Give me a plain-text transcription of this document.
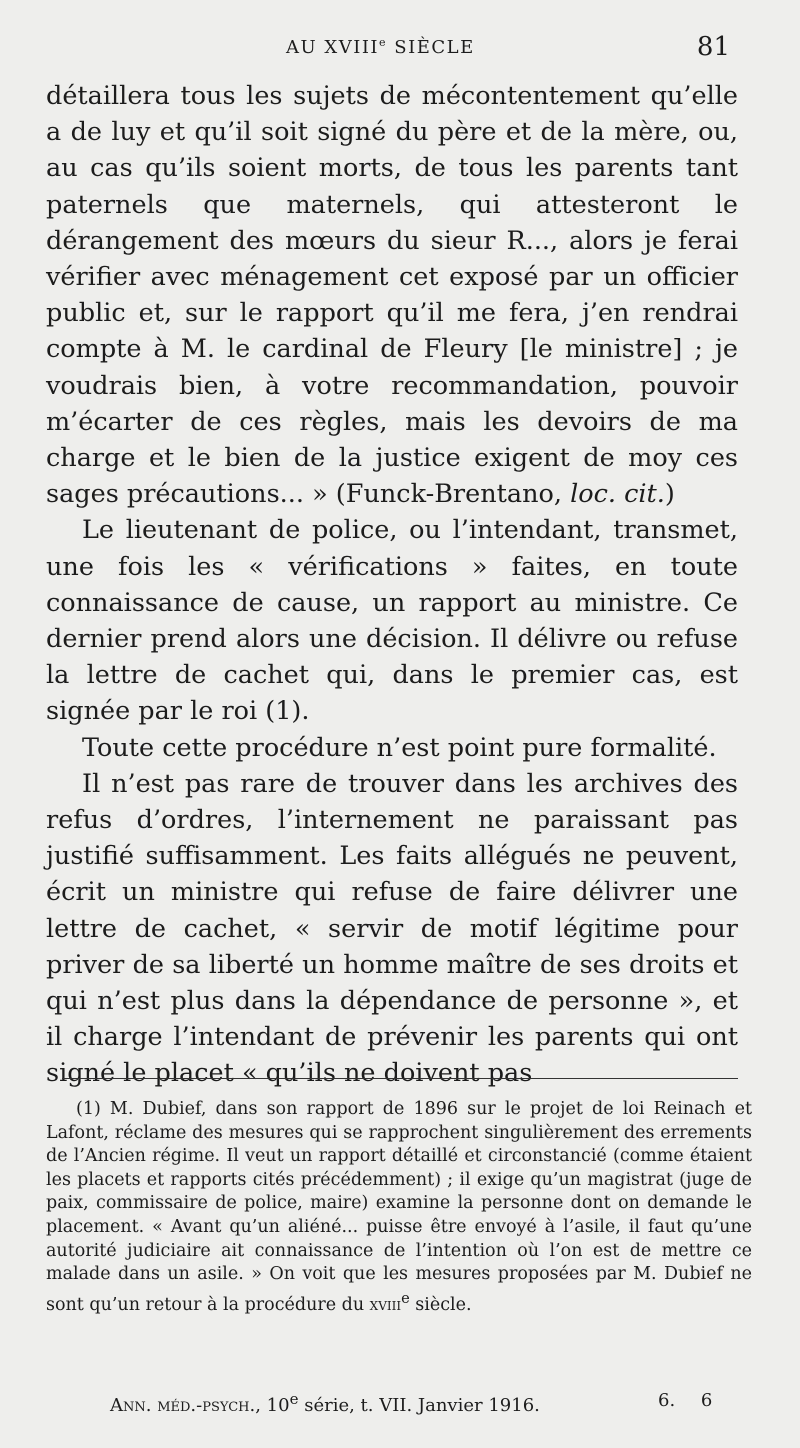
AU XVIIIe SIÈCLE	81

détaillera tous les sujets de mécontentement qu’elle a de luy et qu’il soit signé du père et de la mère, ou, au cas qu’ils soient morts, de tous les parents tant paternels que maternels, qui attesteront le dérangement des mœurs du sieur R..., alors je ferai vérifier avec ménagement cet exposé par un officier public et, sur le rapport qu’il me fera, j’en rendrai compte à M. le cardinal de Fleury [le ministre] ; je voudrais bien, à votre recommandation, pouvoir m’écarter de ces règles, mais les devoirs de ma charge et le bien de la justice exigent de moy ces sages précautions... » (Funck-Brentano, loc. cit.)

Le lieutenant de police, ou l’intendant, transmet, une fois les « vérifications » faites, en toute connaissance de cause, un rapport au ministre. Ce dernier prend alors une décision. Il délivre ou refuse la lettre de cachet qui, dans le premier cas, est signée par le roi (1).

Toute cette procédure n’est point pure formalité.

Il n’est pas rare de trouver dans les archives des refus d’ordres, l’internement ne paraissant pas justifié suffisamment. Les faits allégués ne peuvent, écrit un ministre qui refuse de faire délivrer une lettre de cachet, « servir de motif légitime pour priver de sa liberté un homme maître de ses droits et qui n’est plus dans la dépendance de personne », et il charge l’intendant de prévenir les parents qui ont signé le placet « qu’ils ne doivent pas

(1) M. Dubief, dans son rapport de 1896 sur le projet de loi Reinach et Lafont, réclame des mesures qui se rapprochent singulièrement des errements de l’Ancien régime. Il veut un rapport détaillé et circonstancié (comme étaient les placets et rapports cités précédemment) ; il exige qu’un magistrat (juge de paix, commissaire de police, maire) examine la personne dont on demande le placement. « Avant qu’un aliéné... puisse être envoyé à l’asile, il faut qu’une autorité judiciaire ait connaissance de l’intention où l’on est de mettre ce malade dans un asile. » On voit que les mesures proposées par M. Dubief ne sont qu’un retour à la procédure du xviii$^e$ siècle.

Ann. méd.-psych., 10e série, t. VII. Janvier 1916.	6. 6
